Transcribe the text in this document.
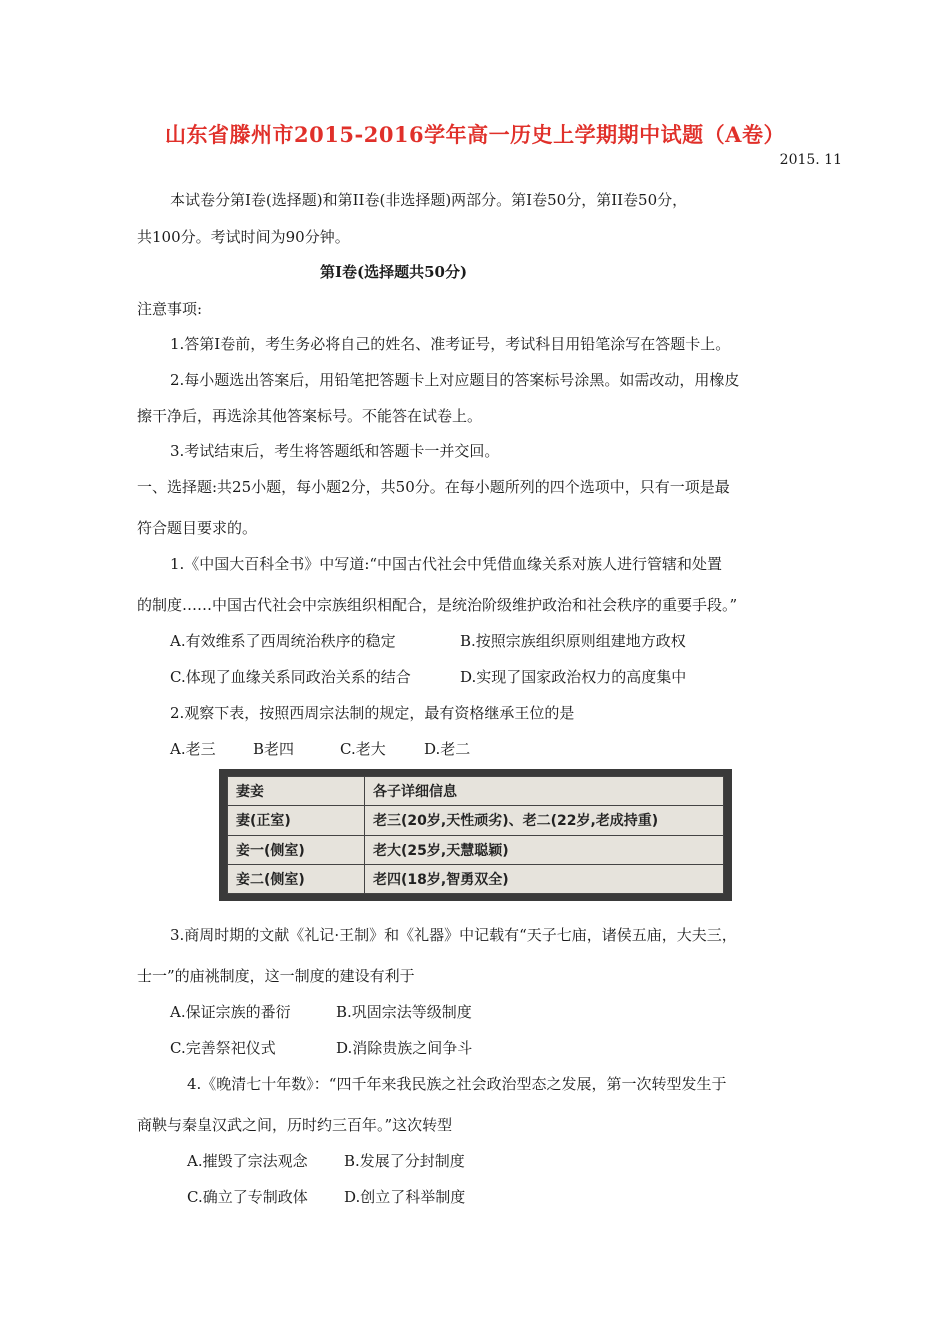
山东省滕州市2015-2016学年高一历史上学期期中试题（A卷）
2015. 11
本试卷分第Ⅰ卷(选择题)和第II卷(非选择题)两部分。第Ⅰ卷50分，第II卷50分，
共100分。考试时间为90分钟。
第Ⅰ卷(选择题共50分)
注意事项:
1.答第Ⅰ卷前，考生务必将自己的姓名、准考证号，考试科目用铅笔涂写在答题卡上。
2.每小题选出答案后，用铅笔把答题卡上对应题目的答案标号涂黑。如需改动，用橡皮
擦干净后，再选涂其他答案标号。不能答在试卷上。
3.考试结束后，考生将答题纸和答题卡一并交回。
一、选择题:共25小题，每小题2分，共50分。在每小题所列的四个选项中，只有一项是最
符合题目要求的。
1.《中国大百科全书》中写道:“中国古代社会中凭借血缘关系对族人进行管辖和处置
的制度……中国古代社会中宗族组织相配合，是统治阶级维护政治和社会秩序的重要手段。”
A.有效维系了西周统治秩序的稳定	B.按照宗族组织原则组建地方政权
C.体现了血缘关系同政治关系的结合	D.实现了国家政治权力的高度集中
2.观察下表，按照西周宗法制的规定，最有资格继承王位的是
A.老三 B老四	C.老大	D.老二
妻妾	各子详细信息
妻(正室)	老三(20岁,天性顽劣)、老二(22岁,老成持重)
妾一(侧室)	老大(25岁,天慧聪颖)
妾二(侧室)	老四(18岁,智勇双全)
3.商周时期的文献《礼记·王制》和《礼器》中记载有“天子七庙，诸侯五庙，大夫三，
士一”的庙祧制度，这一制度的建设有利于
A.保证宗族的番衍	B.巩固宗法等级制度
C.完善祭祀仪式	D.消除贵族之间争斗
4.《晚清七十年数》：“四千年来我民族之社会政治型态之发展，第一次转型发生于
商鞅与秦皇汉武之间，历时约三百年。”这次转型
A.摧毁了宗法观念 B.发展了分封制度
C.确立了专制政体 D.创立了科举制度
